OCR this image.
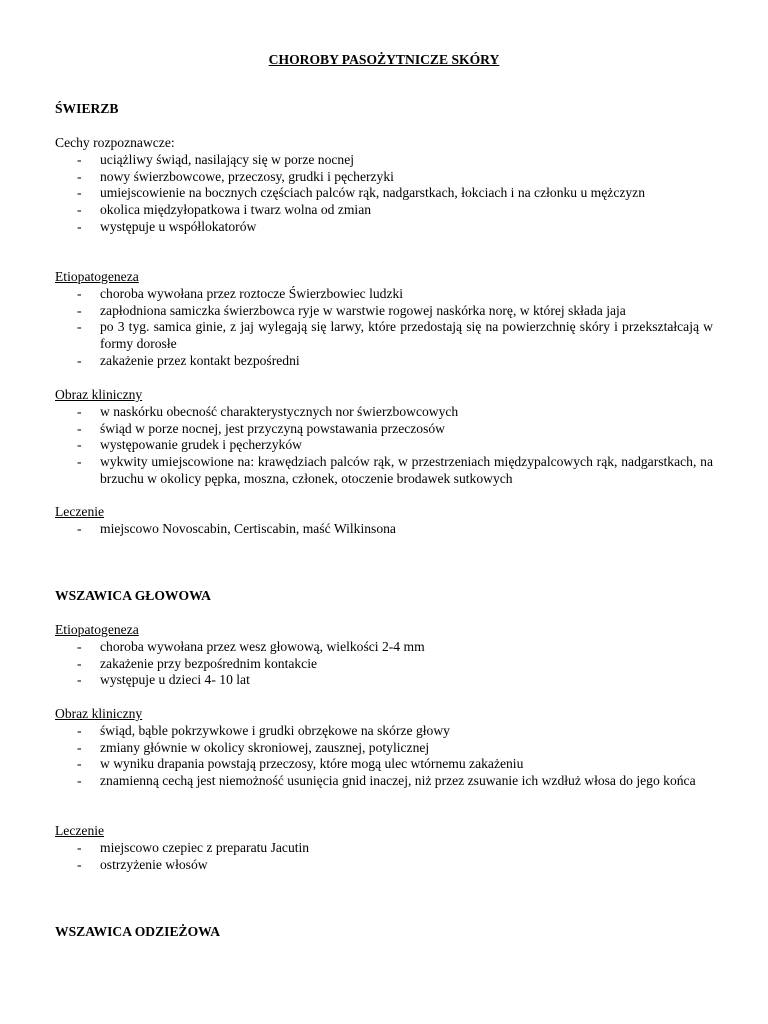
CHOROBY PASOŻYTNICZE SKÓRY
ŚWIERZB
Cechy rozpoznawcze:
- uciążliwy świąd, nasilający się w porze nocnej
- nowy świerzbowcowe, przeczosy, grudki i pęcherzyki
- umiejscowienie na bocznych częściach palców rąk, nadgarstkach, łokciach i na członku u mężczyzn
- okolica międzyłopatkowa i twarz wolna od zmian
- występuje u współlokatorów
Etiopatogeneza
- choroba wywołana przez roztocze Świerzbowiec ludzki
- zapłodniona samiczka świerzbowca ryje w warstwie rogowej naskórka norę, w której składa jaja
- po 3 tyg. samica ginie, z jaj wylegają się larwy, które przedostają się na powierzchnię skóry i przekształcają w formy dorosłe
- zakażenie przez kontakt bezpośredni
Obraz kliniczny
- w naskórku obecność charakterystycznych nor świerzbowcowych
- świąd w porze nocnej, jest przyczyną powstawania przeczosów
- występowanie grudek i pęcherzyków
- wykwity umiejscowione na: krawędziach palców rąk, w przestrzeniach międzypalcowych rąk, nadgarstkach, na brzuchu w okolicy pępka, moszna, członek, otoczenie brodawek sutkowych
Leczenie
- miejscowo Novoscabin, Certiscabin, maść Wilkinsona
WSZAWICA GŁOWOWA
Etiopatogeneza
- choroba wywołana przez wesz głowową, wielkości 2-4 mm
- zakażenie przy bezpośrednim kontakcie
- występuje u dzieci 4- 10 lat
Obraz kliniczny
- świąd, bąble pokrzywkowe i grudki obrzękowe na skórze głowy
- zmiany głównie w okolicy skroniowej, zausznej, potylicznej
- w wyniku drapania powstają przeczosy, które mogą ulec wtórnemu zakażeniu
- znamienną cechą jest niemożność usunięcia gnid inaczej, niż przez zsuwanie ich wzdłuż włosa do jego końca
Leczenie
- miejscowo czepiec z preparatu Jacutin
- ostrzyżenie włosów
WSZAWICA ODZIEŻOWA
